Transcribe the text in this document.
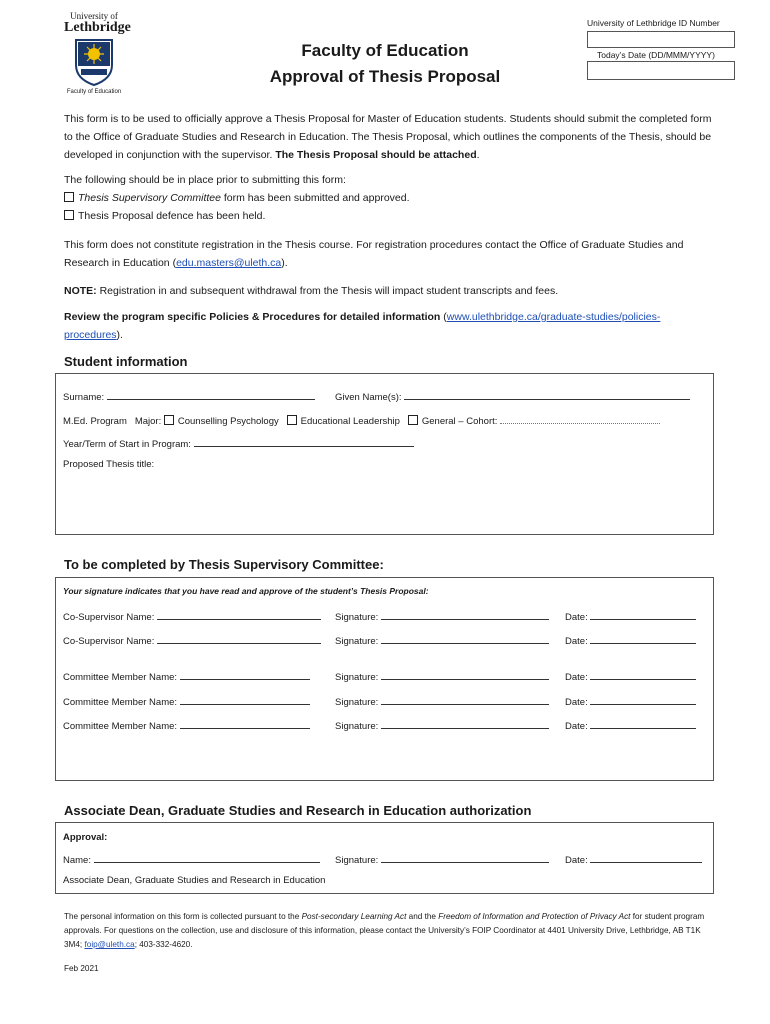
University of
Lethbridge
Faculty of Education
Faculty of Education
Approval of Thesis Proposal
University of Lethbridge ID Number
Today’s Date (DD/MMM/YYYY)
This form is to be used to officially approve a Thesis Proposal for Master of Education students. Students should submit the completed form to the Office of Graduate Studies and Research in Education. The Thesis Proposal, which outlines the components of the Thesis, should be developed in conjunction with the supervisor. The Thesis Proposal should be attached.
The following should be in place prior to submitting this form:
Thesis Supervisory Committee form has been submitted and approved.
Thesis Proposal defence has been held.
This form does not constitute registration in the Thesis course. For registration procedures contact the Office of Graduate Studies and Research in Education (edu.masters@uleth.ca).
NOTE: Registration in and subsequent withdrawal from the Thesis will impact student transcripts and fees.
Review the program specific Policies & Procedures for detailed information (www.ulethbridge.ca/graduate-studies/policies-procedures).
Student information
Surname:	Given Name(s):
M.Ed. Program Major: Counselling Psychology Educational Leadership General – Cohort:
Year/Term of Start in Program:
Proposed Thesis title:
To be completed by Thesis Supervisory Committee:
Your signature indicates that you have read and approve of the student’s Thesis Proposal:
Co-Supervisor Name:	Signature:	Date:
Co-Supervisor Name:	Signature:	Date:
Committee Member Name:	Signature:	Date:
Committee Member Name:	Signature:	Date:
Committee Member Name:	Signature:	Date:
Associate Dean, Graduate Studies and Research in Education authorization
Approval:
Name:	Signature:	Date:
Associate Dean, Graduate Studies and Research in Education
The personal information on this form is collected pursuant to the Post-secondary Learning Act and the Freedom of Information and Protection of Privacy Act for student program approvals. For questions on the collection, use and disclosure of this information, please contact the University’s FOIP Coordinator at 4401 University Drive, Lethbridge, AB T1K 3M4; foip@uleth.ca; 403-332-4620.
Feb 2021
